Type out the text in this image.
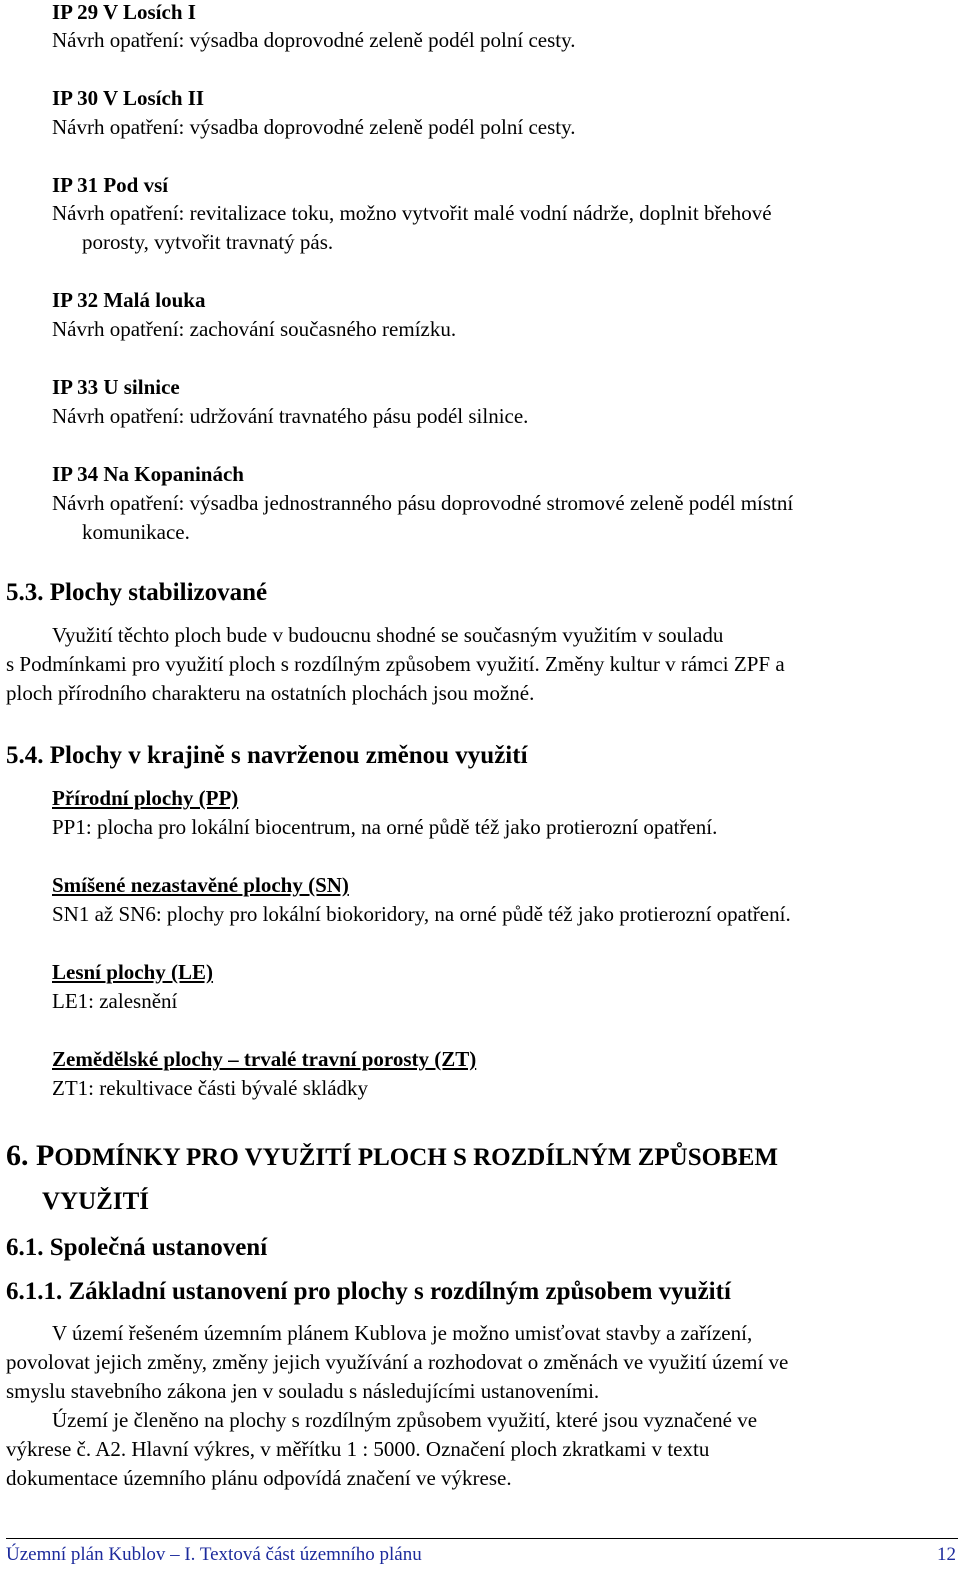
IP 29 V Losích I
Návrh opatření: výsadba doprovodné zeleně podél polní cesty.
IP 30 V Losích II
Návrh opatření: výsadba doprovodné zeleně podél polní cesty.
IP 31 Pod vsí
Návrh opatření: revitalizace toku, možno vytvořit malé vodní nádrže, doplnit břehové
porosty, vytvořit travnatý pás.
IP 32 Malá louka
Návrh opatření: zachování současného remízku.
IP 33 U silnice
Návrh opatření: udržování travnatého pásu podél silnice.
IP 34 Na Kopaninách
Návrh opatření: výsadba jednostranného pásu doprovodné stromové zeleně podél místní
komunikace.
5.3. Plochy stabilizované
Využití těchto ploch bude v budoucnu shodné se současným využitím v souladu
s Podmínkami pro využití ploch s rozdílným způsobem využití. Změny kultur v rámci ZPF a
ploch přírodního charakteru na ostatních plochách jsou možné.
5.4. Plochy v krajině s navrženou změnou využití
Přírodní plochy (PP)
PP1: plocha pro lokální biocentrum, na orné půdě též jako protierozní opatření.
Smíšené nezastavěné plochy (SN)
SN1 až SN6: plochy pro lokální biokoridory, na orné půdě též jako protierozní opatření.
Lesní plochy (LE)
LE1: zalesnění
Zemědělské plochy – trvalé travní porosty (ZT)
ZT1: rekultivace části bývalé skládky
6. PODMÍNKY PRO VYUŽITÍ PLOCH S ROZDÍLNÝM ZPŮSOBEM
VYUŽITÍ
6.1. Společná ustanovení
6.1.1. Základní ustanovení pro plochy s rozdílným způsobem využití
V území řešeném územním plánem Kublova je možno umisťovat stavby a zařízení,
povolovat jejich změny, změny jejich využívání a rozhodovat o změnách ve využití území ve
smyslu stavebního zákona jen v souladu s následujícími ustanoveními.
Území je členěno na plochy s rozdílným způsobem využití, které jsou vyznačené ve
výkrese č. A2. Hlavní výkres, v měřítku 1 : 5000. Označení ploch zkratkami v textu
dokumentace územního plánu odpovídá značení ve výkrese.
Územní plán Kublov – I. Textová část územního plánu	12
